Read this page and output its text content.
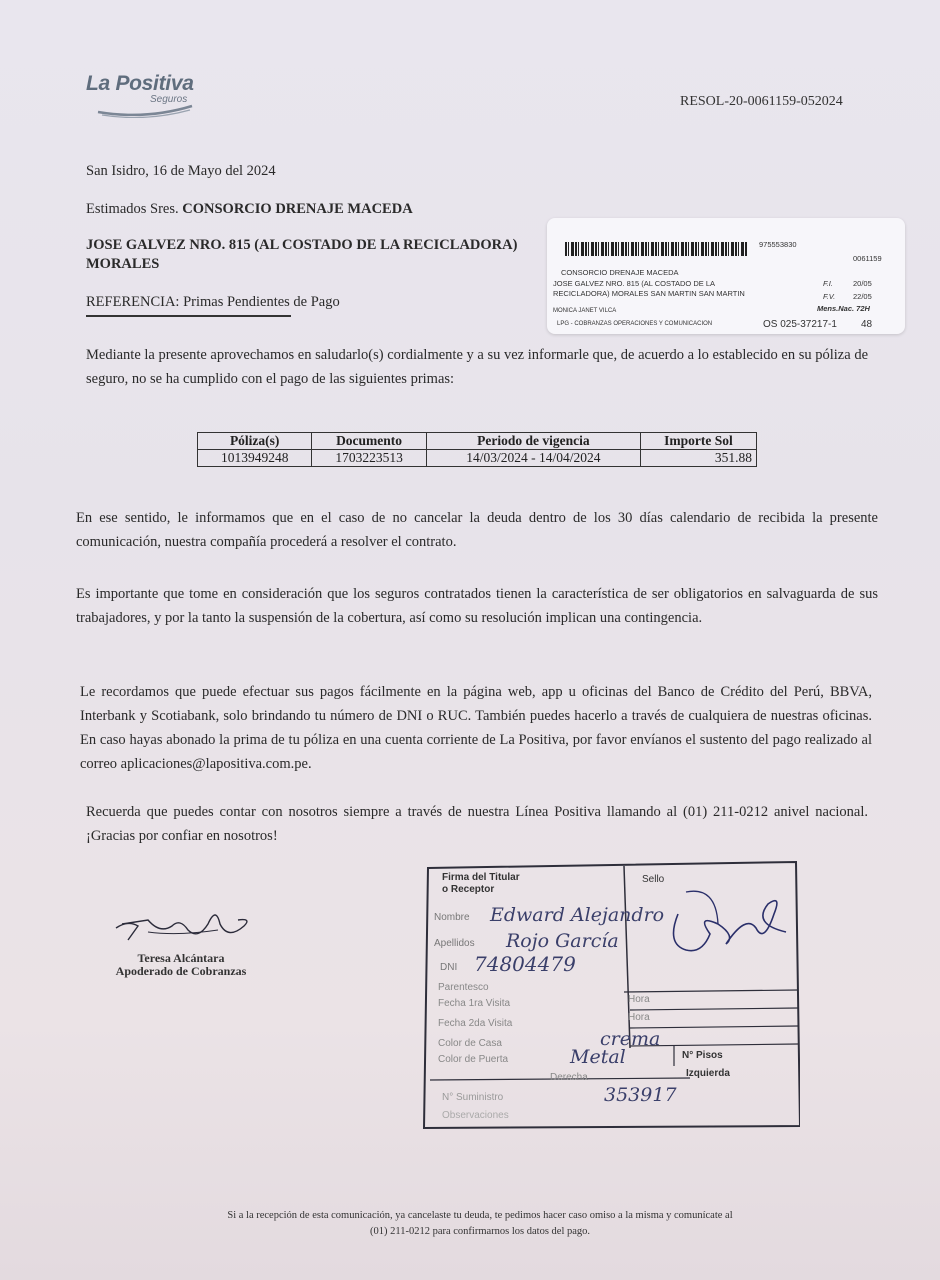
La Positiva
Seguros	RESOL-20-0061159-052024
San Isidro, 16 de Mayo del 2024
Estimados Sres. CONSORCIO DRENAJE MACEDA
JOSE GALVEZ NRO. 815 (AL COSTADO DE LA RECICLADORA)
MORALES
REFERENCIA: Primas Pendientes de Pago
975553830
0061159
CONSORCIO DRENAJE MACEDA
JOSE GALVEZ NRO. 815 (AL COSTADO DE LA
RECICLADORA) MORALES SAN MARTIN SAN MARTIN
F.I.	20/05
F.V. 22/05
Mens.Nac. 72H
MONICA JANET VILCA
LPG - COBRANZAS OPERACIONES Y COMUNICACION	OS 025-37217-1 48
Mediante la presente aprovechamos en saludarlo(s) cordialmente y a su vez informarle que, de acuerdo a lo establecido en su póliza de seguro, no se ha cumplido con el pago de las siguientes primas:
Póliza(s)	Documento	Periodo de vigencia	Importe Sol
1013949248	1703223513	14/03/2024 - 14/04/2024	351.88
En ese sentido, le informamos que en el caso de no cancelar la deuda dentro de los 30 días calendario de recibida la presente comunicación, nuestra compañía procederá a resolver el contrato.
Es importante que tome en consideración que los seguros contratados tienen la característica de ser obligatorios en salvaguarda de sus trabajadores, y por la tanto la suspensión de la cobertura, así como su resolución implican una contingencia.
Le recordamos que puede efectuar sus pagos fácilmente en la página web, app u oficinas del Banco de Crédito del Perú, BBVA, Interbank y Scotiabank, solo brindando tu número de DNI o RUC. También puedes hacerlo a través de cualquiera de nuestras oficinas. En caso hayas abonado la prima de tu póliza en una cuenta corriente de La Positiva, por favor envíanos el sustento del pago realizado al correo aplicaciones@lapositiva.com.pe.
Recuerda que puedes contar con nosotros siempre a través de nuestra Línea Positiva llamando al (01) 211-0212 anivel nacional. ¡Gracias por confiar en nosotros!
Teresa Alcántara
Apoderado de Cobranzas
Firma del Titular
o Receptor
Sello
Nombre Edward Alejandro
Apellidos Rojo García
DNI 74804479
Parentesco
Fecha 1ra Visita	Hora
Fecha 2da Visita
Hora
Color de Casa	crema
Color de Puerta	Metal	N° Pisos
Derecha	Izquierda
N° Suministro	353917
Observaciones
Si a la recepción de esta comunicación, ya cancelaste tu deuda, te pedimos hacer caso omiso a la misma y comunícate al
(01) 211-0212 para confirmarnos los datos del pago.
